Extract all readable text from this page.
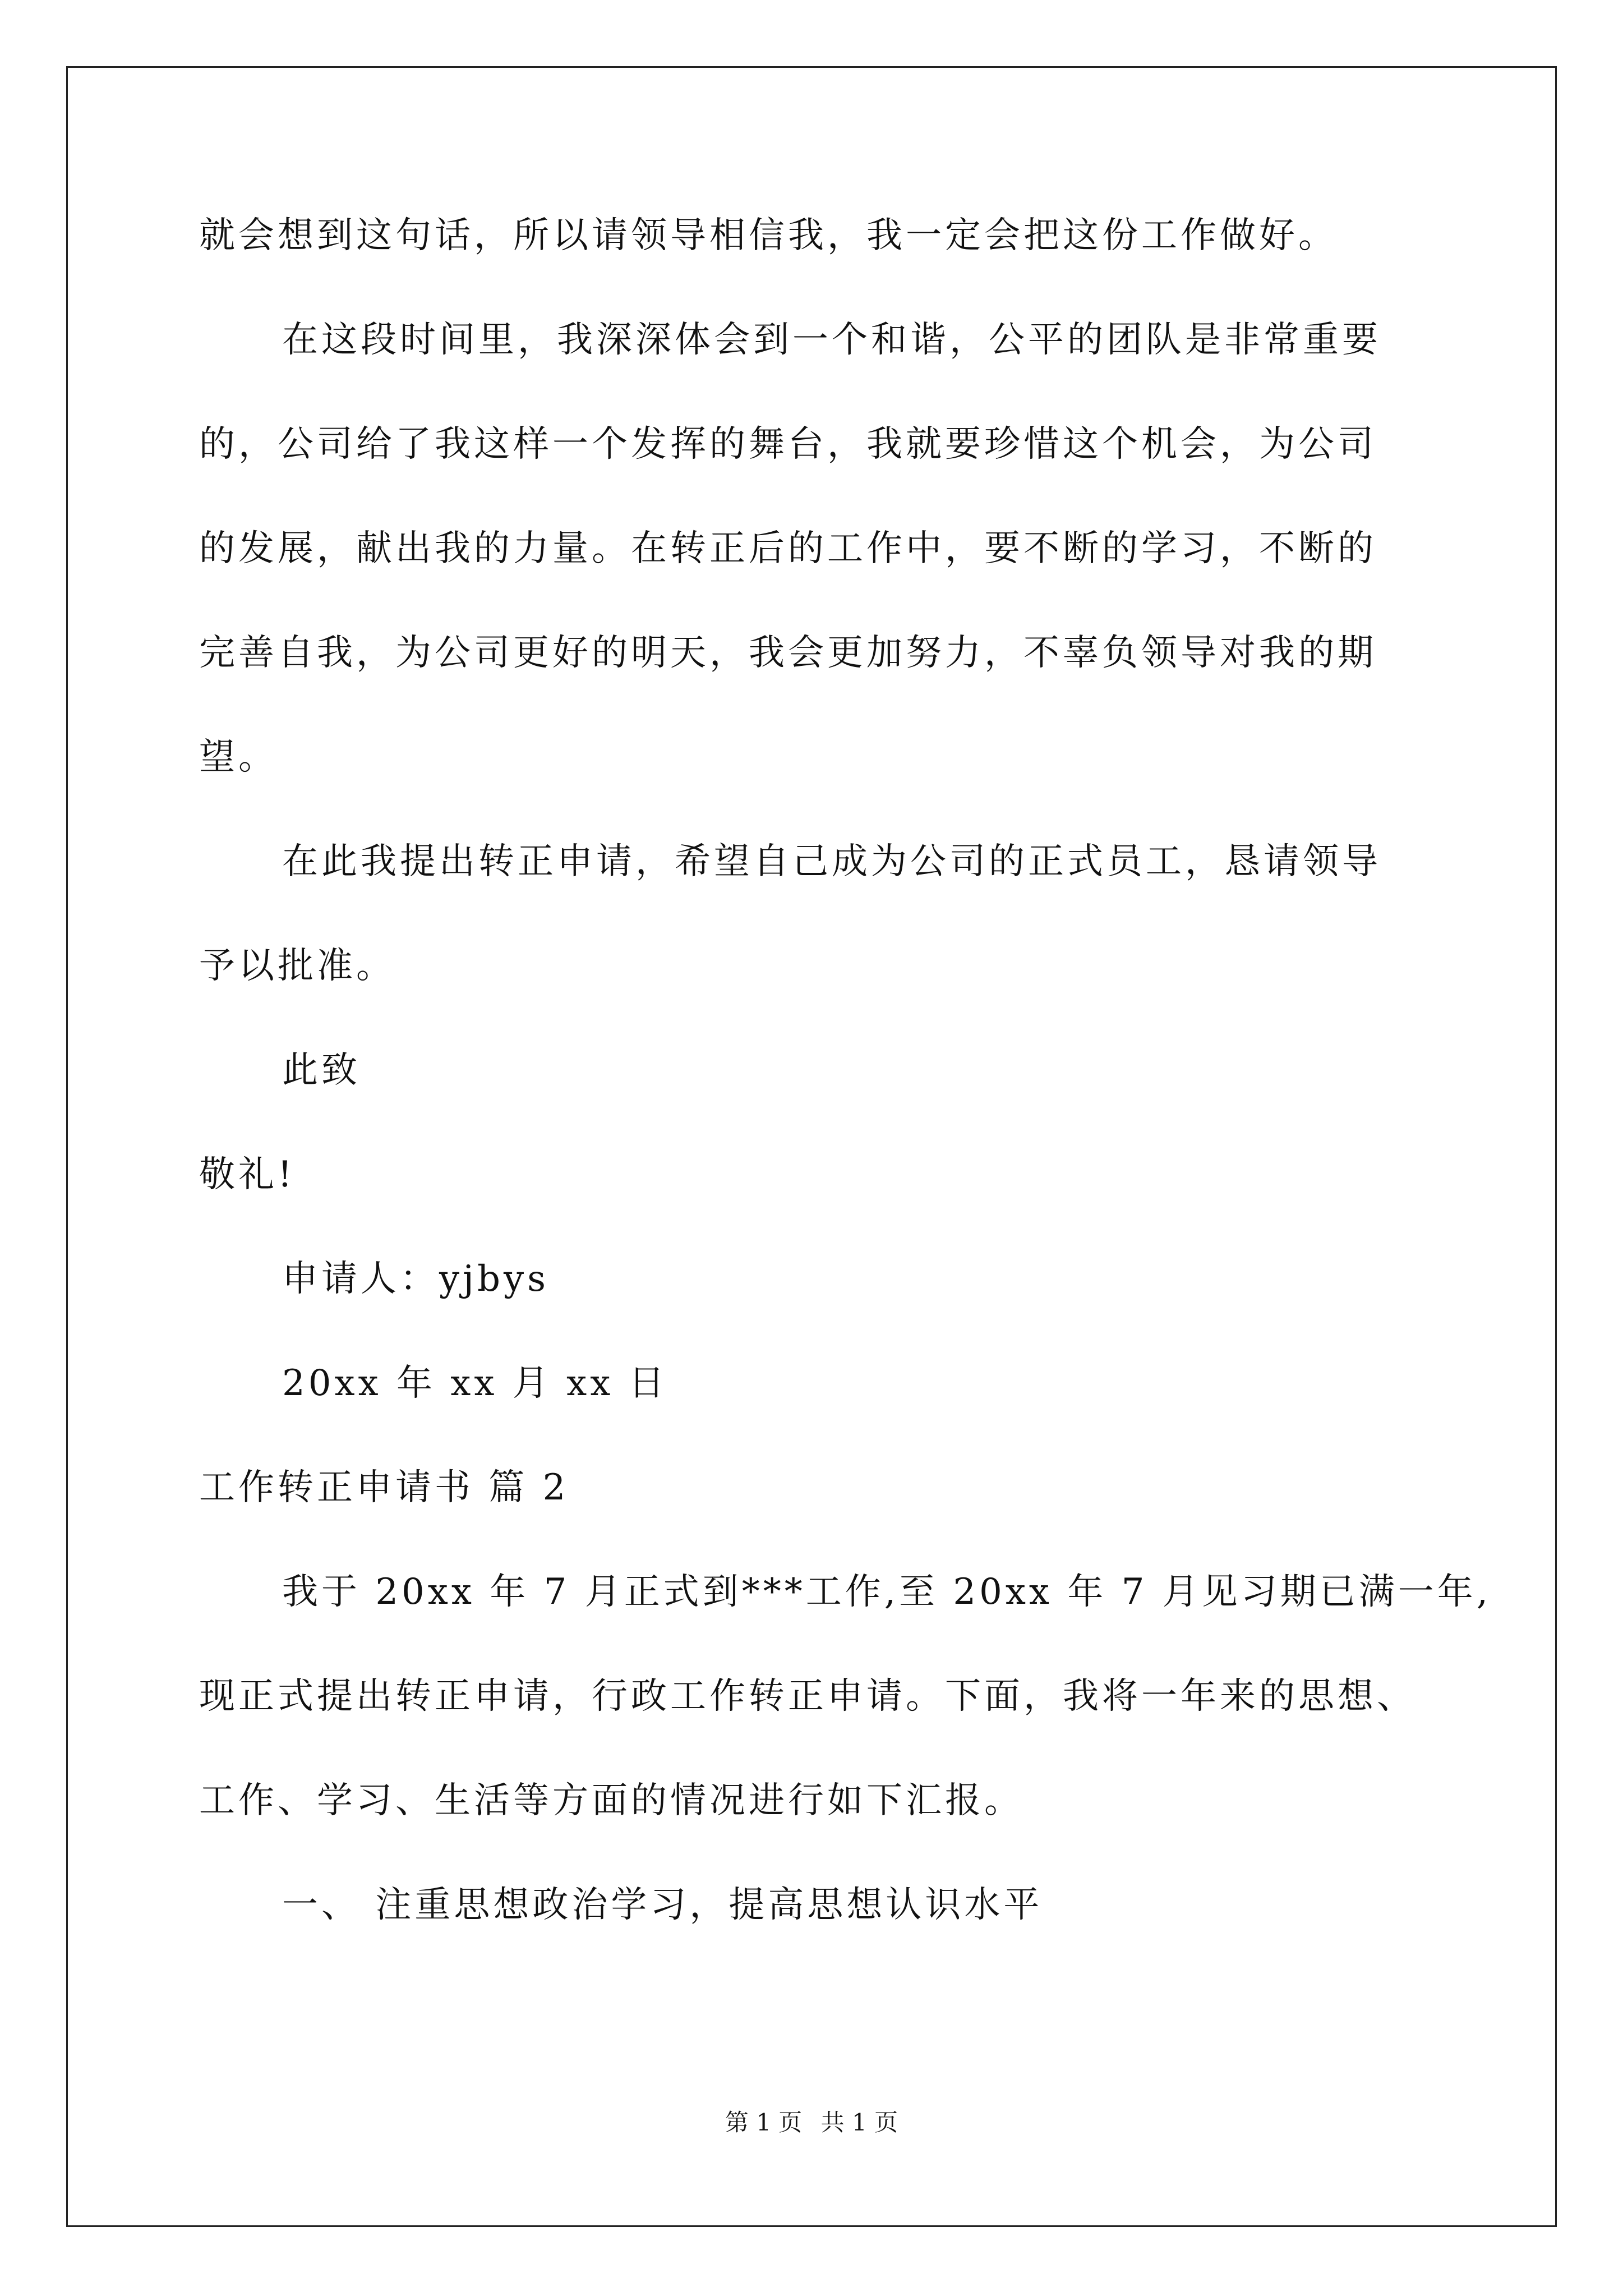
就会想到这句话，所以请领导相信我，我一定会把这份工作做好。
在这段时间里，我深深体会到一个和谐，公平的团队是非常重要
的，公司给了我这样一个发挥的舞台，我就要珍惜这个机会，为公司
的发展，献出我的力量。在转正后的工作中，要不断的学习，不断的
完善自我，为公司更好的明天，我会更加努力，不辜负领导对我的期
望。
在此我提出转正申请，希望自己成为公司的正式员工，恳请领导
予以批准。
此致
敬礼!
申请人：yjbys
20xx 年 xx 月 xx 日
工作转正申请书 篇 2
我于 20xx 年 7 月正式到***工作,至 20xx 年 7 月见习期已满一年,
现正式提出转正申请，行政工作转正申请。下面，我将一年来的思想、
工作、学习、生活等方面的情况进行如下汇报。
一、 注重思想政治学习，提高思想认识水平
第 1 页 共 1 页
